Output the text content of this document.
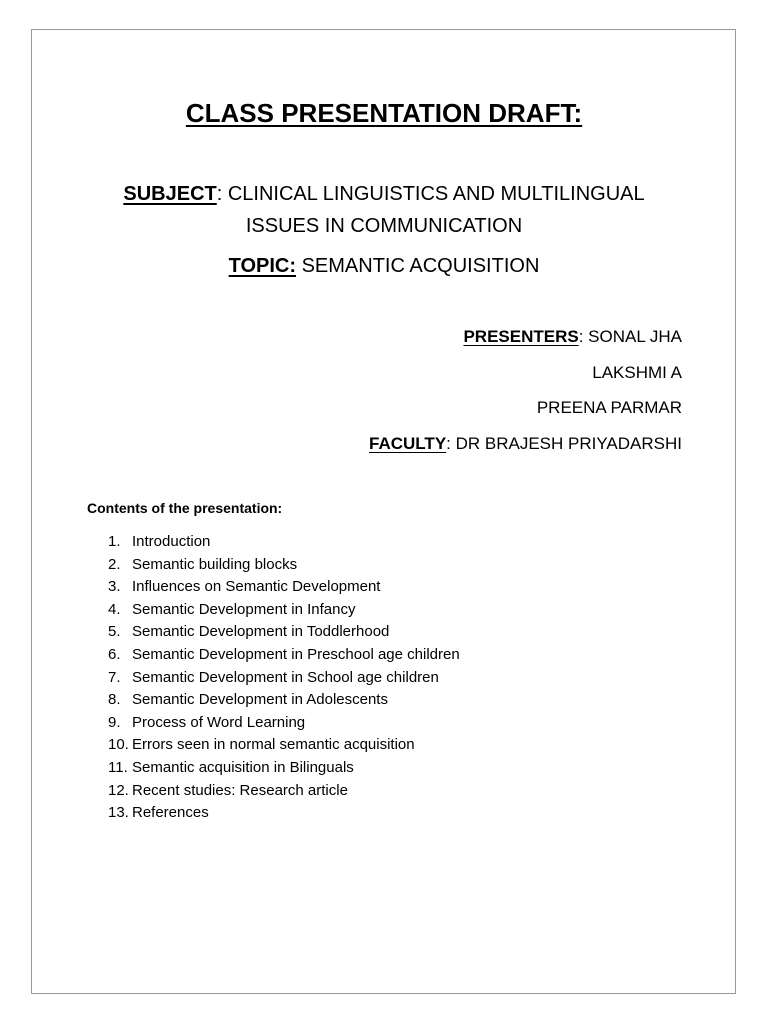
CLASS PRESENTATION DRAFT:
SUBJECT: CLINICAL LINGUISTICS AND MULTILINGUAL ISSUES IN COMMUNICATION
TOPIC: SEMANTIC ACQUISITION
PRESENTERS: SONAL JHA
LAKSHMI A
PREENA PARMAR
FACULTY: DR BRAJESH PRIYADARSHI
Contents of the presentation:
1. Introduction
2. Semantic building blocks
3. Influences on Semantic Development
4. Semantic Development in Infancy
5. Semantic Development in Toddlerhood
6. Semantic Development in Preschool age children
7. Semantic Development in School age children
8. Semantic Development in Adolescents
9. Process of Word Learning
10. Errors seen in normal semantic acquisition
11. Semantic acquisition in Bilinguals
12. Recent studies: Research article
13. References
